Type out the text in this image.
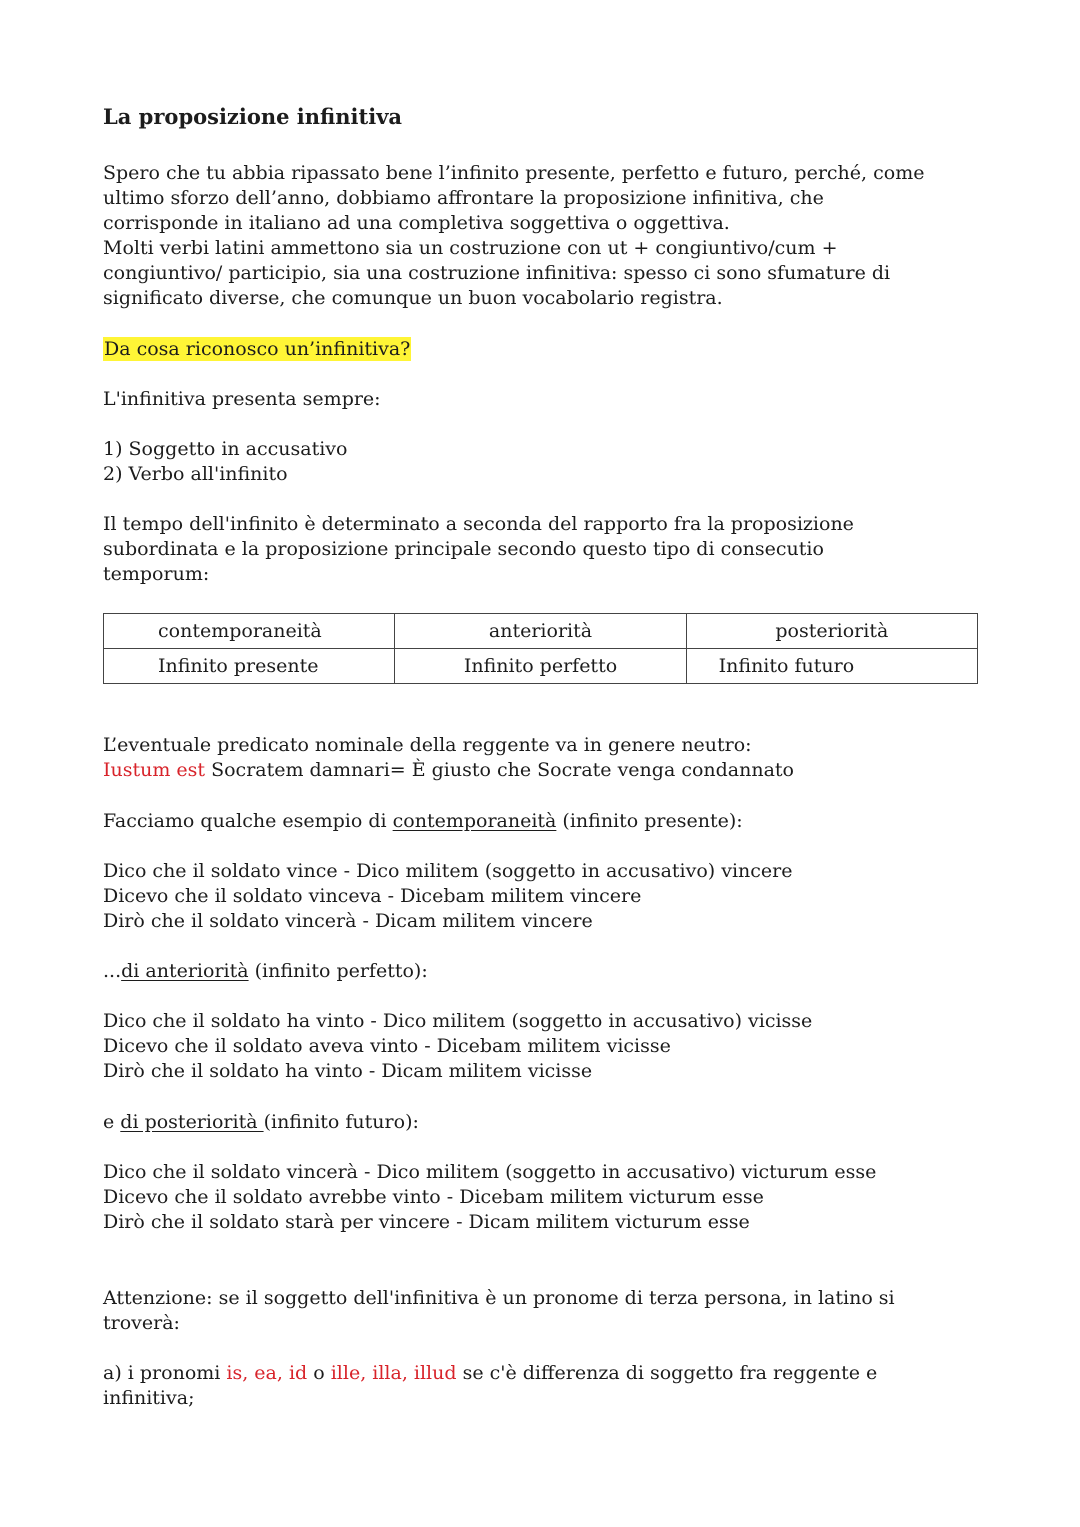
La proposizione infinitiva
Spero che tu abbia ripassato bene l’infinito presente, perfetto e futuro, perché, come
ultimo sforzo dell’anno, dobbiamo affrontare la proposizione infinitiva, che
corrisponde in italiano ad una completiva soggettiva o oggettiva.
Molti verbi latini ammettono sia un costruzione con ut + congiuntivo/cum +
congiuntivo/ participio, sia una costruzione infinitiva: spesso ci sono sfumature di
significato diverse, che comunque un buon vocabolario registra.
Da cosa riconosco un’infinitiva?
L'infinitiva presenta sempre:
1) Soggetto in accusativo
2) Verbo all'infinito
Il tempo dell'infinito è determinato a seconda del rapporto fra la proposizione
subordinata e la proposizione principale secondo questo tipo di consecutio
temporum:
contemporaneità	anteriorità	posteriorità
Infinito presente	Infinito perfetto	Infinito futuro
L’eventuale predicato nominale della reggente va in genere neutro:
Iustum est Socratem damnari= È giusto che Socrate venga condannato
Facciamo qualche esempio di contemporaneità (infinito presente):
Dico che il soldato vince - Dico militem (soggetto in accusativo) vincere
Dicevo che il soldato vinceva - Dicebam militem vincere
Dirò che il soldato vincerà - Dicam militem vincere
...di anteriorità (infinito perfetto):
Dico che il soldato ha vinto - Dico militem (soggetto in accusativo) vicisse
Dicevo che il soldato aveva vinto - Dicebam militem vicisse
Dirò che il soldato ha vinto - Dicam militem vicisse
e di posteriorità (infinito futuro):
Dico che il soldato vincerà - Dico militem (soggetto in accusativo) victurum esse
Dicevo che il soldato avrebbe vinto - Dicebam militem victurum esse
Dirò che il soldato starà per vincere - Dicam militem victurum esse
Attenzione: se il soggetto dell'infinitiva è un pronome di terza persona, in latino si
troverà:
a) i pronomi is, ea, id o ille, illa, illud se c'è differenza di soggetto fra reggente e
infinitiva;
